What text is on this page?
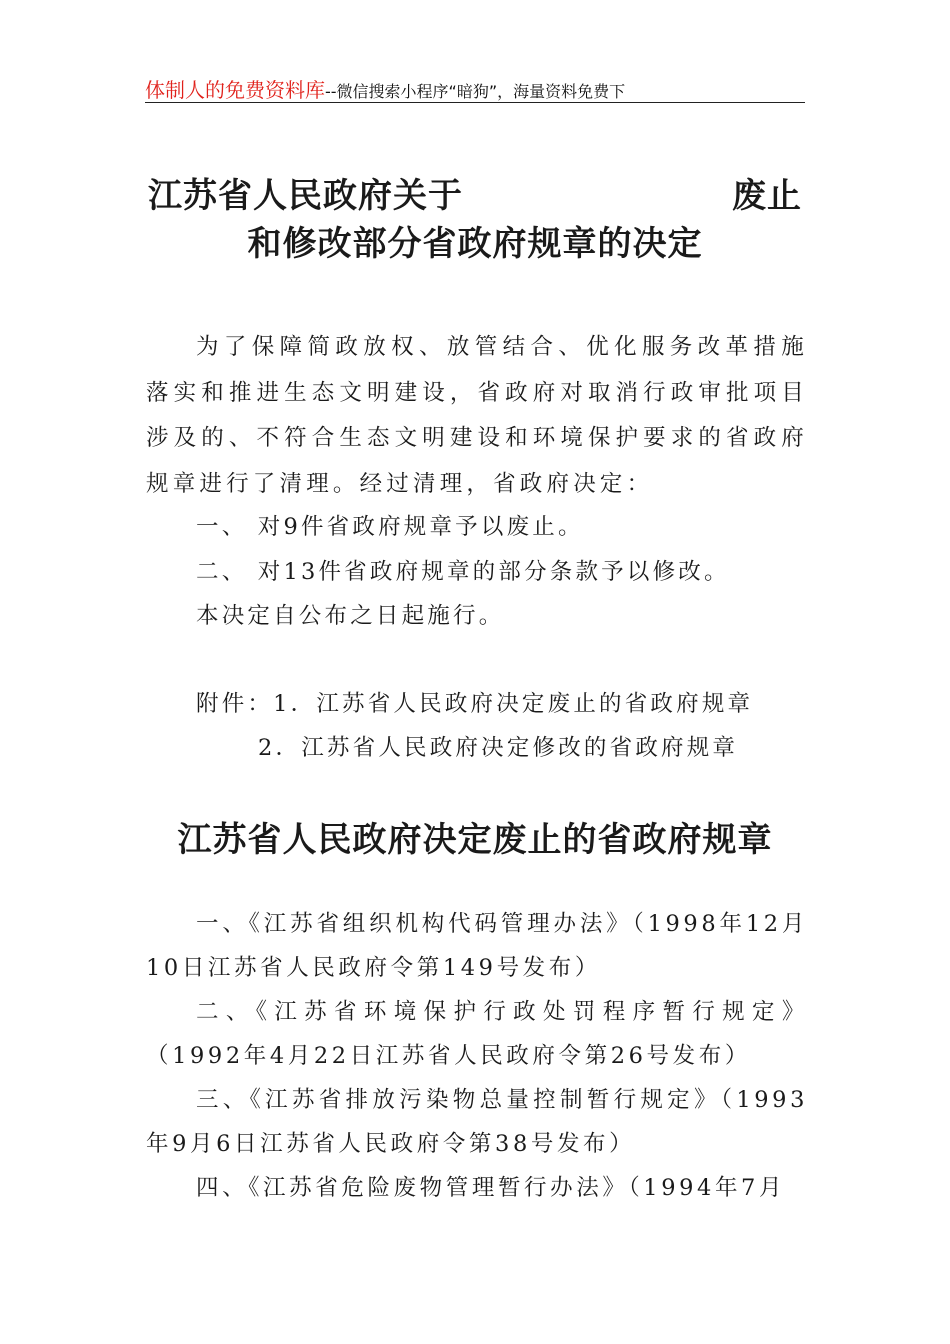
体制人的免费资料库--微信搜索小程序“暗狗”，海量资料免费下
江苏省人民政府关于	废止
和修改部分省政府规章的决定

为了保障简政放权、放管结合、优化服务改革措施落实和推进生态文明建设，省政府对取消行政审批项目涉及的、不符合生态文明建设和环境保护要求的省政府规章进行了清理。经过清理，省政府决定：

一、 对9件省政府规章予以废止。
二、 对13件省政府规章的部分条款予以修改。
本决定自公布之日起施行。
附件：1．江苏省人民政府决定废止的省政府规章
2．江苏省人民政府决定修改的省政府规章
江苏省人民政府决定废止的省政府规章

一、《江苏省组织机构代码管理办法》（1998年12月10日江苏省人民政府令第149号发布）

二、《江苏省环境保护行政处罚程序暂行规定》（1992年4月22日江苏省人民政府令第26号发布）

三、《江苏省排放污染物总量控制暂行规定》（1993年9月6日江苏省人民政府令第38号发布）

四、《江苏省危险废物管理暂行办法》（1994年7月
